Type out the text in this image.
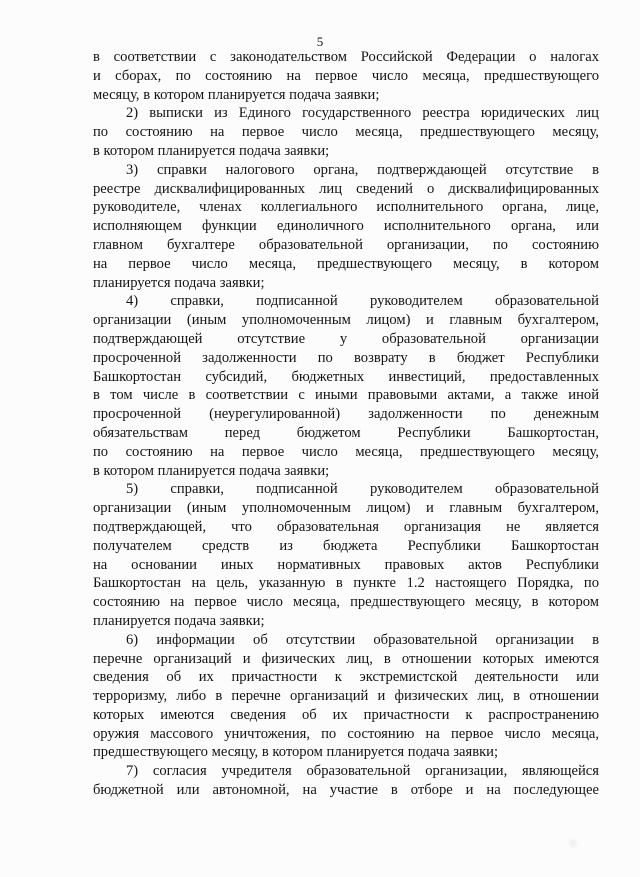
5
в соответствии с законодательством Российской Федерации о налогах
и сборах, по состоянию на первое число месяца, предшествующего
месяцу, в котором планируется подача заявки;
2) выписки из Единого государственного реестра юридических лиц
по состоянию на первое число месяца, предшествующего месяцу,
в котором планируется подача заявки;
3) справки налогового органа, подтверждающей отсутствие в
реестре дисквалифицированных лиц сведений о дисквалифицированных
руководителе, членах коллегиального исполнительного органа, лице,
исполняющем функции единоличного исполнительного органа, или
главном бухгалтере образовательной организации, по состоянию
на первое число месяца, предшествующего месяцу, в котором
планируется подача заявки;
4) справки, подписанной руководителем образовательной
организации (иным уполномоченным лицом) и главным бухгалтером,
подтверждающей отсутствие у образовательной организации
просроченной задолженности по возврату в бюджет Республики
Башкортостан субсидий, бюджетных инвестиций, предоставленных
в том числе в соответствии с иными правовыми актами, а также иной
просроченной (неурегулированной) задолженности по денежным
обязательствам перед бюджетом Республики Башкортостан,
по состоянию на первое число месяца, предшествующего месяцу,
в котором планируется подача заявки;
5) справки, подписанной руководителем образовательной
организации (иным уполномоченным лицом) и главным бухгалтером,
подтверждающей, что образовательная организация не является
получателем средств из бюджета Республики Башкортостан
на основании иных нормативных правовых актов Республики
Башкортостан на цель, указанную в пункте 1.2 настоящего Порядка, по
состоянию на первое число месяца, предшествующего месяцу, в котором
планируется подача заявки;
6) информации об отсутствии образовательной организации в
перечне организаций и физических лиц, в отношении которых имеются
сведения об их причастности к экстремистской деятельности или
терроризму, либо в перечне организаций и физических лиц, в отношении
которых имеются сведения об их причастности к распространению
оружия массового уничтожения, по состоянию на первое число месяца,
предшествующего месяцу, в котором планируется подача заявки;
7) согласия учредителя образовательной организации, являющейся
бюджетной или автономной, на участие в отборе и на последующее
